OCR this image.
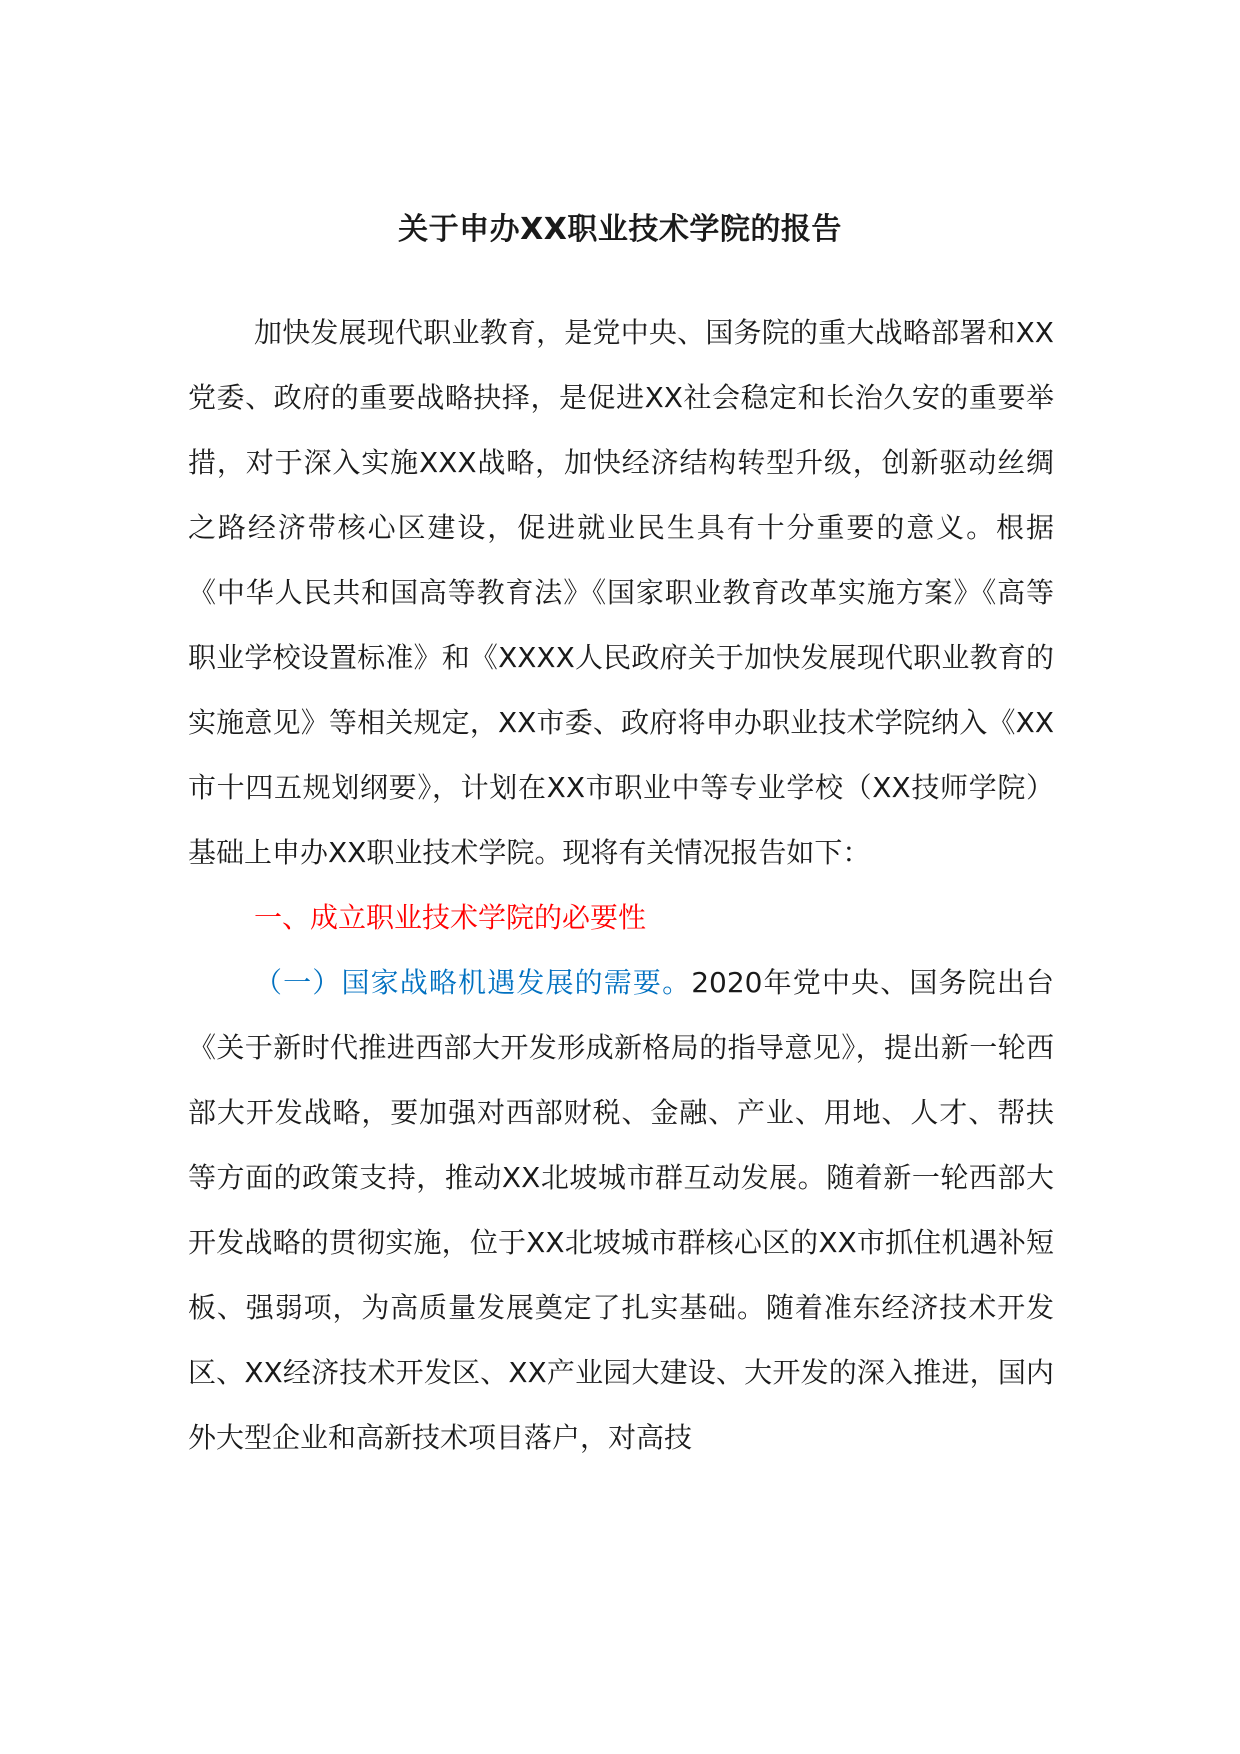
关于申办XX职业技术学院的报告

加快发展现代职业教育，是党中央、国务院的重大战略部署和XX党委、政府的重要战略抉择，是促进XX社会稳定和长治久安的重要举措，对于深入实施XXX战略，加快经济结构转型升级，创新驱动丝绸之路经济带核心区建设，促进就业民生具有十分重要的意义。根据《中华人民共和国高等教育法》《国家职业教育改革实施方案》《高等职业学校设置标准》和《XXXX人民政府关于加快发展现代职业教育的实施意见》等相关规定，XX市委、政府将申办职业技术学院纳入《XX市十四五规划纲要》，计划在XX市职业中等专业学校（XX技师学院）基础上申办XX职业技术学院。现将有关情况报告如下：

一、成立职业技术学院的必要性

（一）国家战略机遇发展的需要。2020年党中央、国务院出台《关于新时代推进西部大开发形成新格局的指导意见》，提出新一轮西部大开发战略，要加强对西部财税、金融、产业、用地、人才、帮扶等方面的政策支持，推动XX北坡城市群互动发展。随着新一轮西部大开发战略的贯彻实施，位于XX北坡城市群核心区的XX市抓住机遇补短板、强弱项，为高质量发展奠定了扎实基础。随着准东经济技术开发区、XX经济技术开发区、XX产业园大建设、大开发的深入推进，国内外大型企业和高新技术项目落户，对高技
